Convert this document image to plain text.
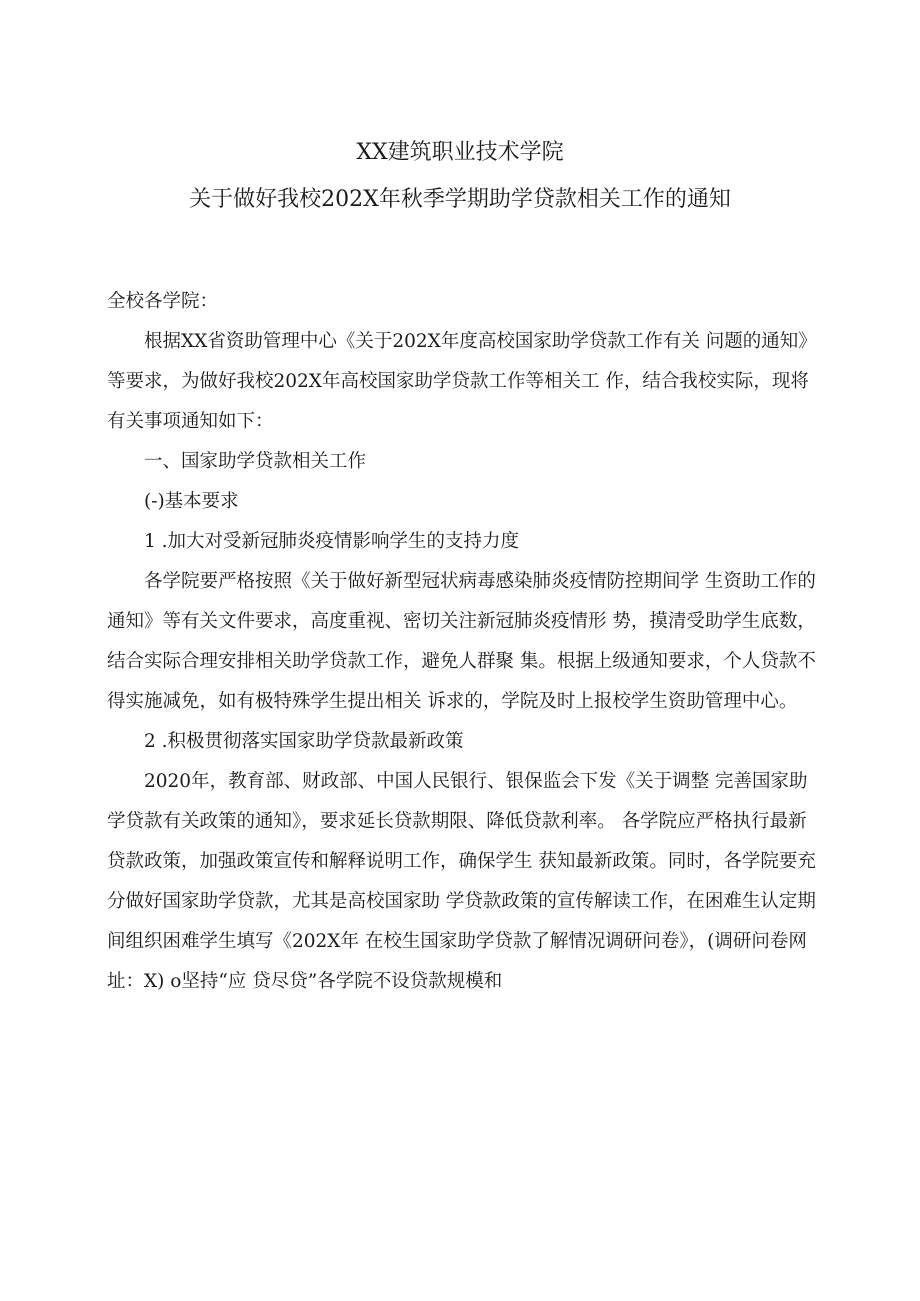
XX建筑职业技术学院
关于做好我校202X年秋季学期助学贷款相关工作的通知

全校各学院：

根据XX省资助管理中心《关于202X年度高校国家助学贷款工作有关 问题的通知》等要求，为做好我校202X年高校国家助学贷款工作等相关工 作，结合我校实际，现将有关事项通知如下：

一、国家助学贷款相关工作

(-)基本要求

1 .加大对受新冠肺炎疫情影响学生的支持力度

各学院要严格按照《关于做好新型冠状病毒感染肺炎疫情防控期间学 生资助工作的通知》等有关文件要求，高度重视、密切关注新冠肺炎疫情形 势，摸清受助学生底数，结合实际合理安排相关助学贷款工作，避免人群聚 集。根据上级通知要求，个人贷款不得实施减免，如有极特殊学生提出相关 诉求的，学院及时上报校学生资助管理中心。

2 .积极贯彻落实国家助学贷款最新政策

2020年，教育部、财政部、中国人民银行、银保监会下发《关于调整 完善国家助学贷款有关政策的通知》，要求延长贷款期限、降低贷款利率。 各学院应严格执行最新贷款政策，加强政策宣传和解释说明工作，确保学生 获知最新政策。同时，各学院要充分做好国家助学贷款，尤其是高校国家助 学贷款政策的宣传解读工作，在困难生认定期间组织困难学生填写《202X年 在校生国家助学贷款了解情况调研问卷》，(调研问卷网址：X) o坚持“应 贷尽贷”各学院不设贷款规模和
